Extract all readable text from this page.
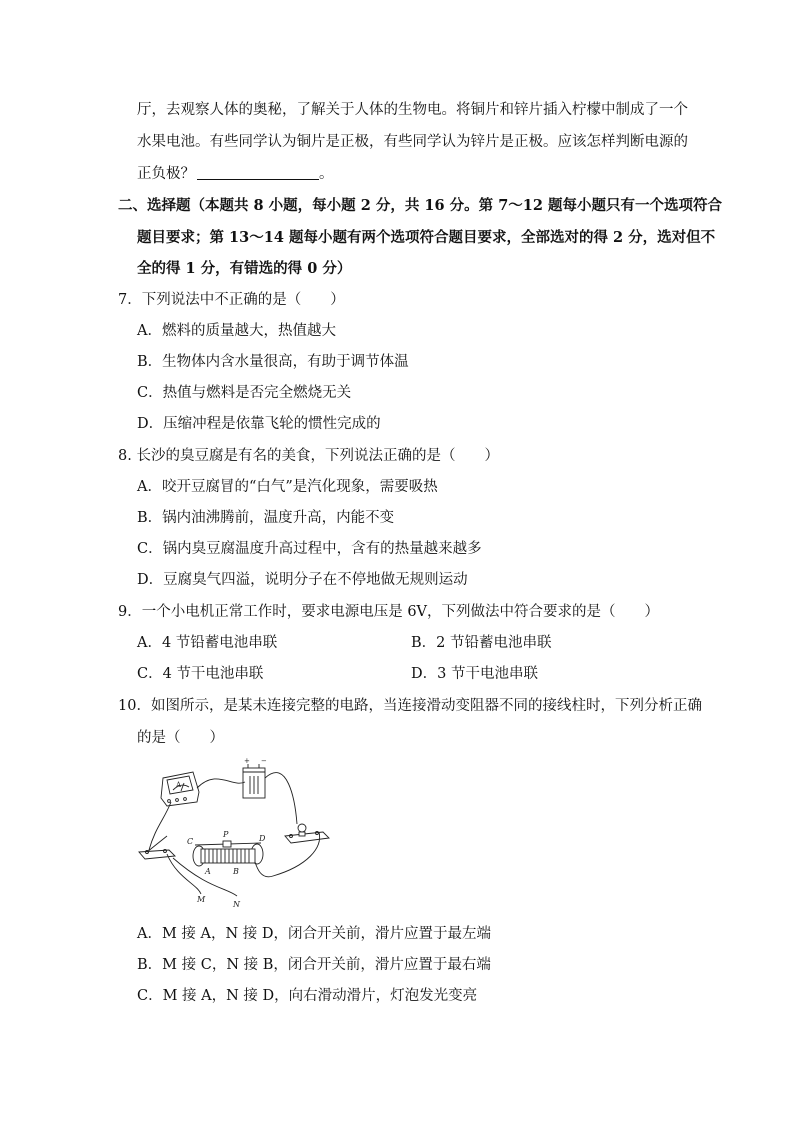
厅，去观察人体的奥秘，了解关于人体的生物电。将铜片和锌片插入柠檬中制成了一个
水果电池。有些同学认为铜片是正极，有些同学认为锌片是正极。应该怎样判断电源的
正负极？	。
二、选择题（本题共 8 小题，每小题 2 分，共 16 分。第 7～12 题每小题只有一个选项符合
题目要求；第 13～14 题每小题有两个选项符合题目要求，全部选对的得 2 分，选对但不
全的得 1 分，有错选的得 0 分）
7．下列说法中不正确的是（　　）
A．燃料的质量越大，热值越大
B．生物体内含水量很高，有助于调节体温
C．热值与燃料是否完全燃烧无关
D．压缩冲程是依靠飞轮的惯性完成的
8. 长沙的臭豆腐是有名的美食，下列说法正确的是（　　）
A．咬开豆腐冒的“白气”是汽化现象，需要吸热
B．锅内油沸腾前，温度升高，内能不变
C．锅内臭豆腐温度升高过程中，含有的热量越来越多
D．豆腐臭气四溢，说明分子在不停地做无规则运动
9．一个小电机正常工作时，要求电源电压是 6V，下列做法中符合要求的是（　　）
A．4 节铅蓄电池串联	B．2 节铅蓄电池串联
C．4 节干电池串联	D．3 节干电池串联
10．如图所示，是某未连接完整的电路，当连接滑动变阻器不同的接线柱时，下列分析正确
的是（　　）
A
+ −
P
C	D
A	B
M
N
A．M 接 A，N 接 D，闭合开关前，滑片应置于最左端
B．M 接 C，N 接 B，闭合开关前，滑片应置于最右端
C．M 接 A，N 接 D，向右滑动滑片，灯泡发光变亮
